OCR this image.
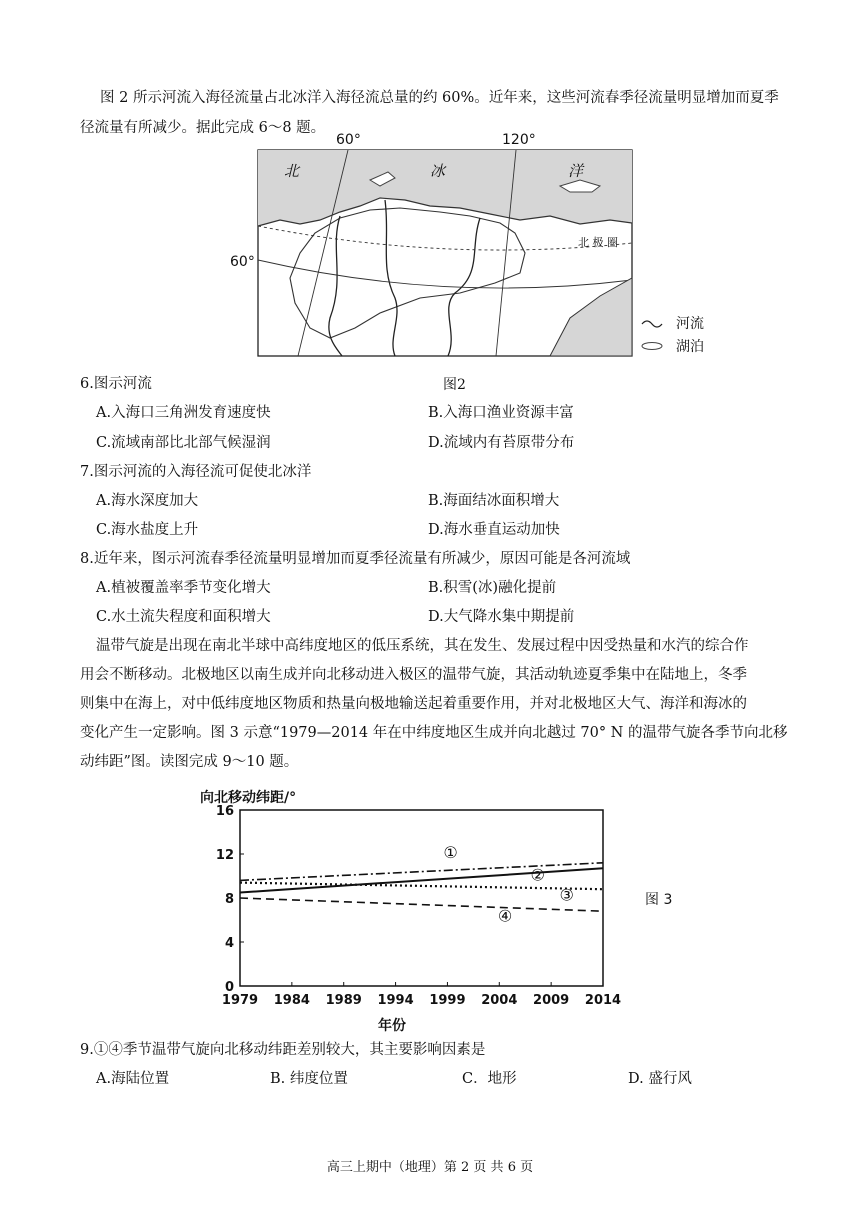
图 2 所示河流入海径流量占北冰洋入海径流总量的约 60%。近年来，这些河流春季径流量明显增加而夏季
径流量有所减少。据此完成 6～8 题。
60°	120°
60°
北	冰	洋
北 极 圈
河流
湖泊
6.图示河流	图2
A.入海口三角洲发育速度快	B.入海口渔业资源丰富
C.流域南部比北部气候湿润	D.流域内有苔原带分布
7.图示河流的入海径流可促使北冰洋
A.海水深度加大	B.海面结冰面积增大
C.海水盐度上升	D.海水垂直运动加快
8.近年来，图示河流春季径流量明显增加而夏季径流量有所减少，原因可能是各河流域
A.植被覆盖率季节变化增大	B.积雪(冰)融化提前
C.水土流失程度和面积增大	D.大气降水集中期提前
温带气旋是出现在南北半球中高纬度地区的低压系统，其在发生、发展过程中因受热量和水汽的综合作
用会不断移动。北极地区以南生成并向北移动进入极区的温带气旋，其活动轨迹夏季集中在陆地上，冬季
则集中在海上，对中低纬度地区物质和热量向极地输送起着重要作用，并对北极地区大气、海洋和海冰的
变化产生一定影响。图 3 示意“1979—2014 年在中纬度地区生成并向北越过 70° N 的温带气旋各季节向北移
动纬距”图。读图完成 9～10 题。
向北移动纬距/°
年份
图 3
1979 1984 1989 1994 1999 2004 2009 2014
0
4
8
12
16
①
②
③
④
9.①④季节温带气旋向北移动纬距差别较大，其主要影响因素是
A.海陆位置	B. 纬度位置	C．地形	D. 盛行风
高三上期中（地理）第 2 页 共 6 页
